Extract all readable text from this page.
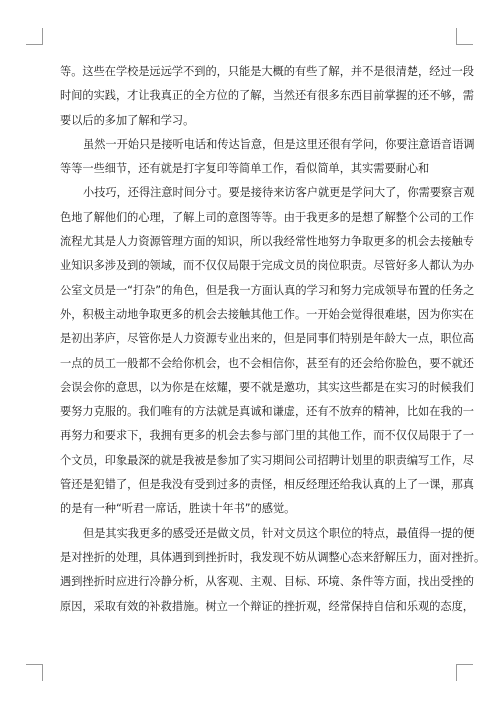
等。这些在学校是远远学不到的，只能是大概的有些了解，并不是很清楚，经过一段
时间的实践，才让我真正的全方位的了解，当然还有很多东西目前掌握的还不够，需
要以后的多加了解和学习。
虽然一开始只是接听电话和传达旨意，但是这里还很有学问，你要注意语音语调
等等一些细节，还有就是打字复印等简单工作，看似简单，其实需要耐心和
小技巧，还得注意时间分寸。要是接待来访客户就更是学问大了，你需要察言观
色地了解他们的心理，了解上司的意图等等。由于我更多的是想了解整个公司的工作
流程尤其是人力资源管理方面的知识，所以我经常性地努力争取更多的机会去接触专
业知识多涉及到的领域，而不仅仅局限于完成文员的岗位职责。尽管好多人都认为办
公室文员是一“打杂”的角色，但是我一方面认真的学习和努力完成领导布置的任务之
外，积极主动地争取更多的机会去接触其他工作。一开始会觉得很难堪，因为你实在
是初出茅庐，尽管你是人力资源专业出来的，但是同事们特别是年龄大一点，职位高
一点的员工一般都不会给你机会，也不会相信你，甚至有的还会给你脸色，要不就还
会误会你的意思，以为你是在炫耀，要不就是邀功，其实这些都是在实习的时候我们
要努力克服的。我们唯有的方法就是真诚和谦虚，还有不放弃的精神，比如在我的一
再努力和要求下，我拥有更多的机会去参与部门里的其他工作，而不仅仅局限于了一
个文员，印象最深的就是我被是参加了实习期间公司招聘计划里的职责编写工作，尽
管还是犯错了，但是我没有受到过多的责怪，相反经理还给我认真的上了一课，那真
的是有一种“听君一席话，胜读十年书”的感觉。
但是其实我更多的感受还是做文员，针对文员这个职位的特点，最值得一提的便
是对挫折的处理，具体遇到到挫折时，我发现不妨从调整心态来舒解压力，面对挫折。
遇到挫折时应进行冷静分析，从客观、主观、目标、环境、条件等方面，找出受挫的
原因，采取有效的补救措施。树立一个辩证的挫折观，经常保持自信和乐观的态度，
